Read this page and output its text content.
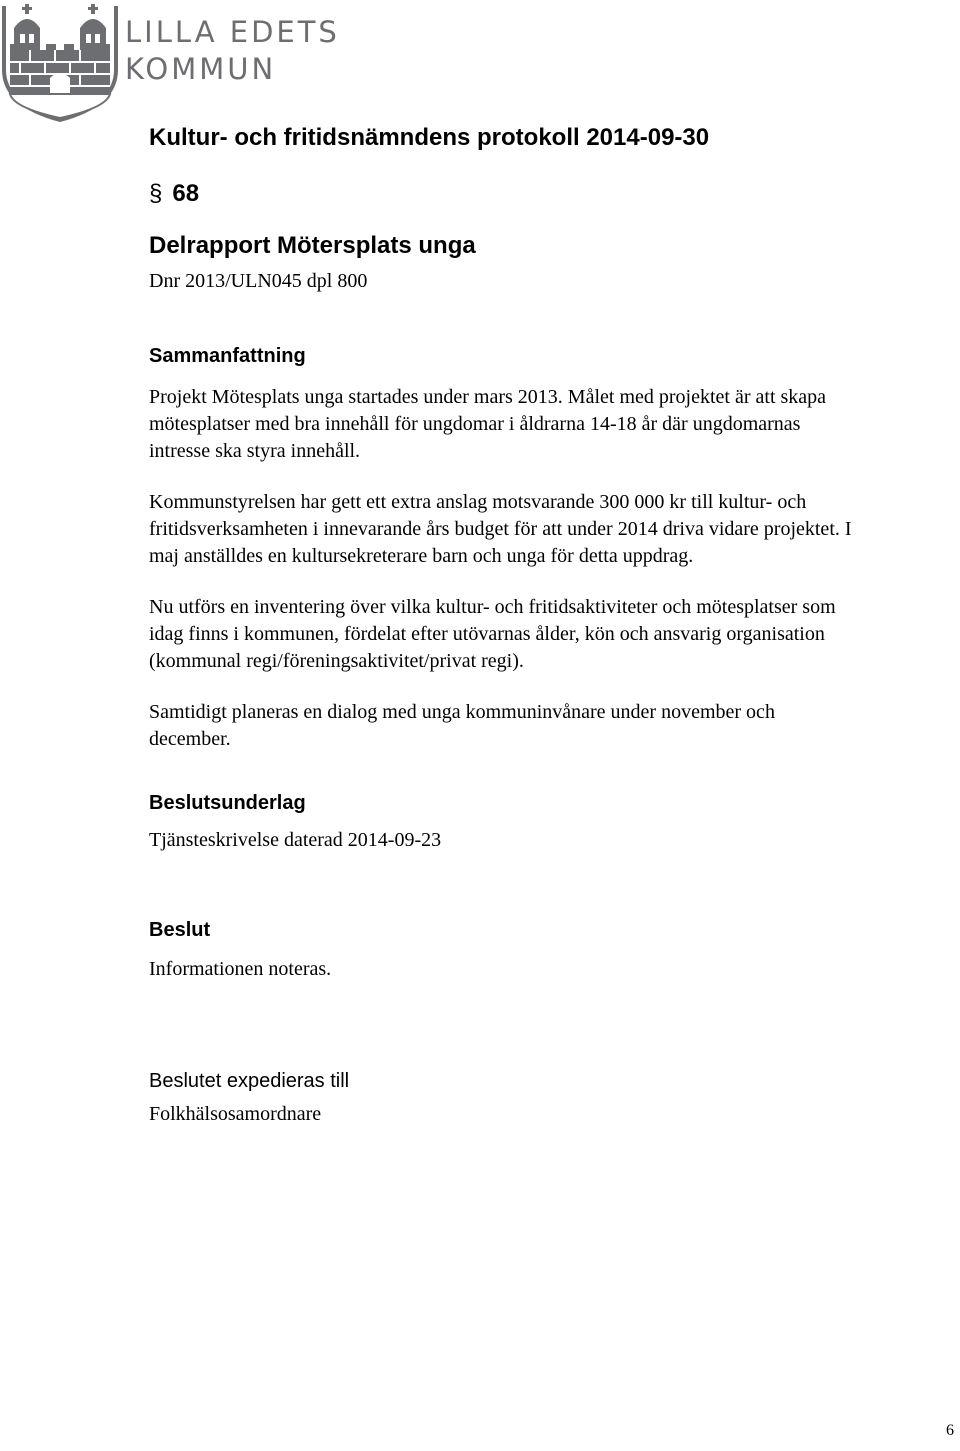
LILLA EDETS
KOMMUN
Kultur- och fritidsnämndens protokoll 2014-09-30
§ 68
Delrapport Mötersplats unga
Dnr 2013/ULN045 dpl 800
Sammanfattning
Projekt Mötesplats unga startades under mars 2013. Målet med projektet är att skapa
mötesplatser med bra innehåll för ungdomar i åldrarna 14-18 år där ungdomarnas
intresse ska styra innehåll.
Kommunstyrelsen har gett ett extra anslag motsvarande 300 000 kr till kultur- och
fritidsverksamheten i innevarande års budget för att under 2014 driva vidare projektet. I
maj anställdes en kultursekreterare barn och unga för detta uppdrag.
Nu utförs en inventering över vilka kultur- och fritidsaktiviteter och mötesplatser som
idag finns i kommunen, fördelat efter utövarnas ålder, kön och ansvarig organisation
(kommunal regi/föreningsaktivitet/privat regi).
Samtidigt planeras en dialog med unga kommuninvånare under november och
december.
Beslutsunderlag
Tjänsteskrivelse daterad 2014-09-23
Beslut
Informationen noteras.
Beslutet expedieras till
Folkhälsosamordnare
6
